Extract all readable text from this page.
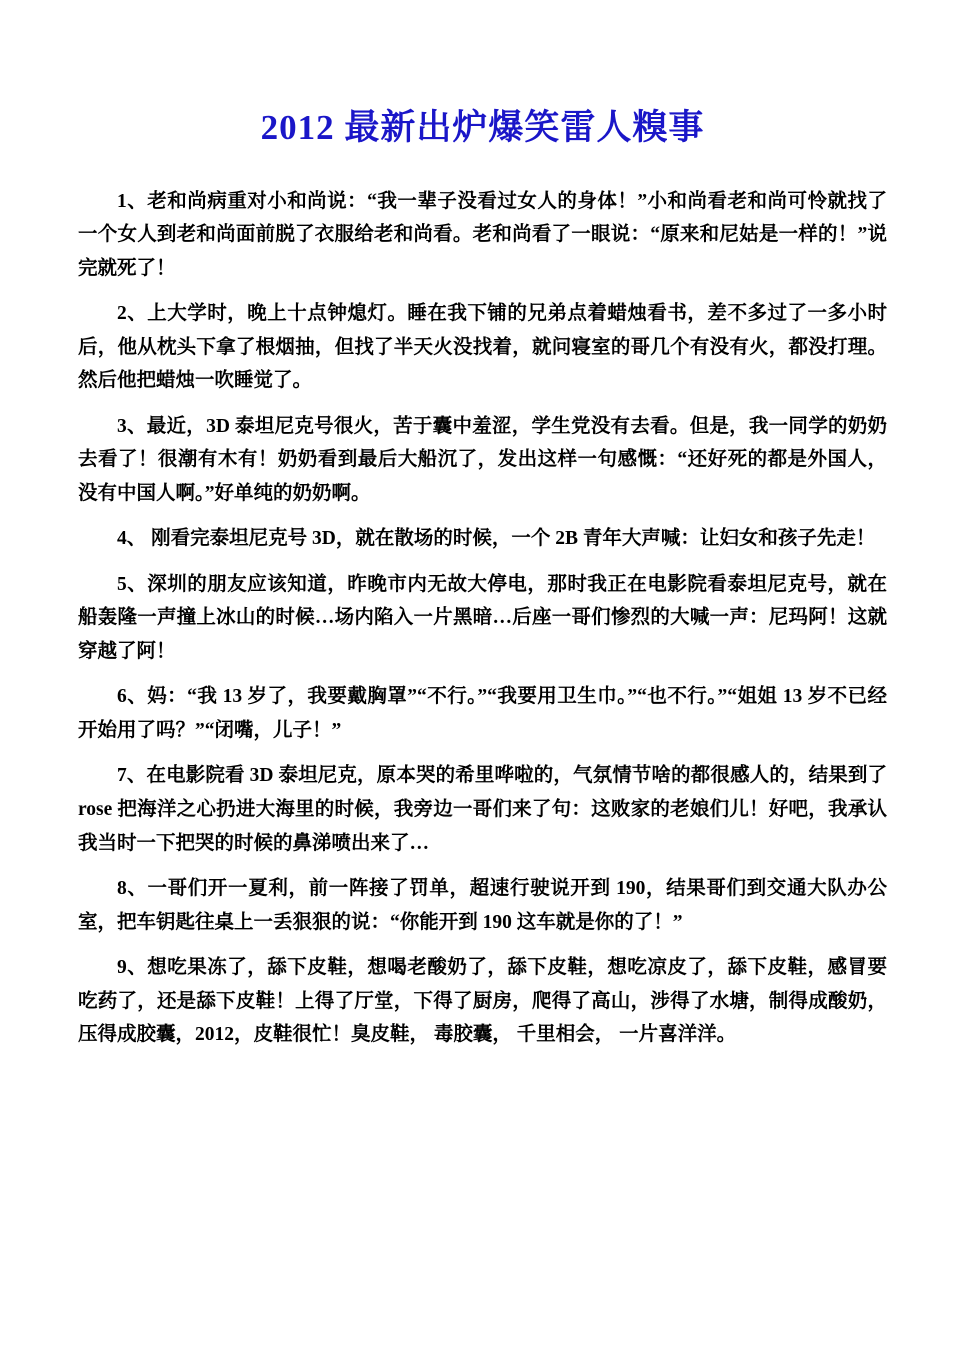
2012 最新出炉爆笑雷人糗事

1、老和尚病重对小和尚说：“我一辈子没看过女人的身体！”小和尚看老和尚可怜就找了一个女人到老和尚面前脱了衣服给老和尚看。老和尚看了一眼说：“原来和尼姑是一样的！”说完就死了！

2、上大学时，晚上十点钟熄灯。睡在我下铺的兄弟点着蜡烛看书，差不多过了一多小时后，他从枕头下拿了根烟抽，但找了半天火没找着，就问寝室的哥几个有没有火，都没打理。然后他把蜡烛一吹睡觉了。

3、最近，3D 泰坦尼克号很火，苦于囊中羞涩，学生党没有去看。但是，我一同学的奶奶去看了！很潮有木有！奶奶看到最后大船沉了，发出这样一句感慨：“还好死的都是外国人，没有中国人啊。”好单纯的奶奶啊。

4、 刚看完泰坦尼克号 3D，就在散场的时候，一个 2B 青年大声喊：让妇女和孩子先走！

5、深圳的朋友应该知道，昨晚市内无故大停电，那时我正在电影院看泰坦尼克号，就在船轰隆一声撞上冰山的时候…场内陷入一片黑暗…后座一哥们惨烈的大喊一声：尼玛阿！这就穿越了阿！

6、妈：“我 13 岁了，我要戴胸罩”“不行。”“我要用卫生巾。”“也不行。”“姐姐 13 岁不已经开始用了吗？”“闭嘴，儿子！”

7、在电影院看 3D 泰坦尼克，原本哭的希里哗啦的，气氛情节啥的都很感人的，结果到了 rose 把海洋之心扔进大海里的时候，我旁边一哥们来了句：这败家的老娘们儿！好吧，我承认我当时一下把哭的时候的鼻涕喷出来了…

8、一哥们开一夏利，前一阵接了罚单，超速行驶说开到 190，结果哥们到交通大队办公室，把车钥匙往桌上一丢狠狠的说：“你能开到 190 这车就是你的了！”

9、想吃果冻了，舔下皮鞋，想喝老酸奶了，舔下皮鞋，想吃凉皮了，舔下皮鞋，感冒要吃药了，还是舔下皮鞋！上得了厅堂，下得了厨房，爬得了高山，涉得了水塘，制得成酸奶，压得成胶囊，2012，皮鞋很忙！臭皮鞋， 毒胶囊， 千里相会， 一片喜洋洋。
